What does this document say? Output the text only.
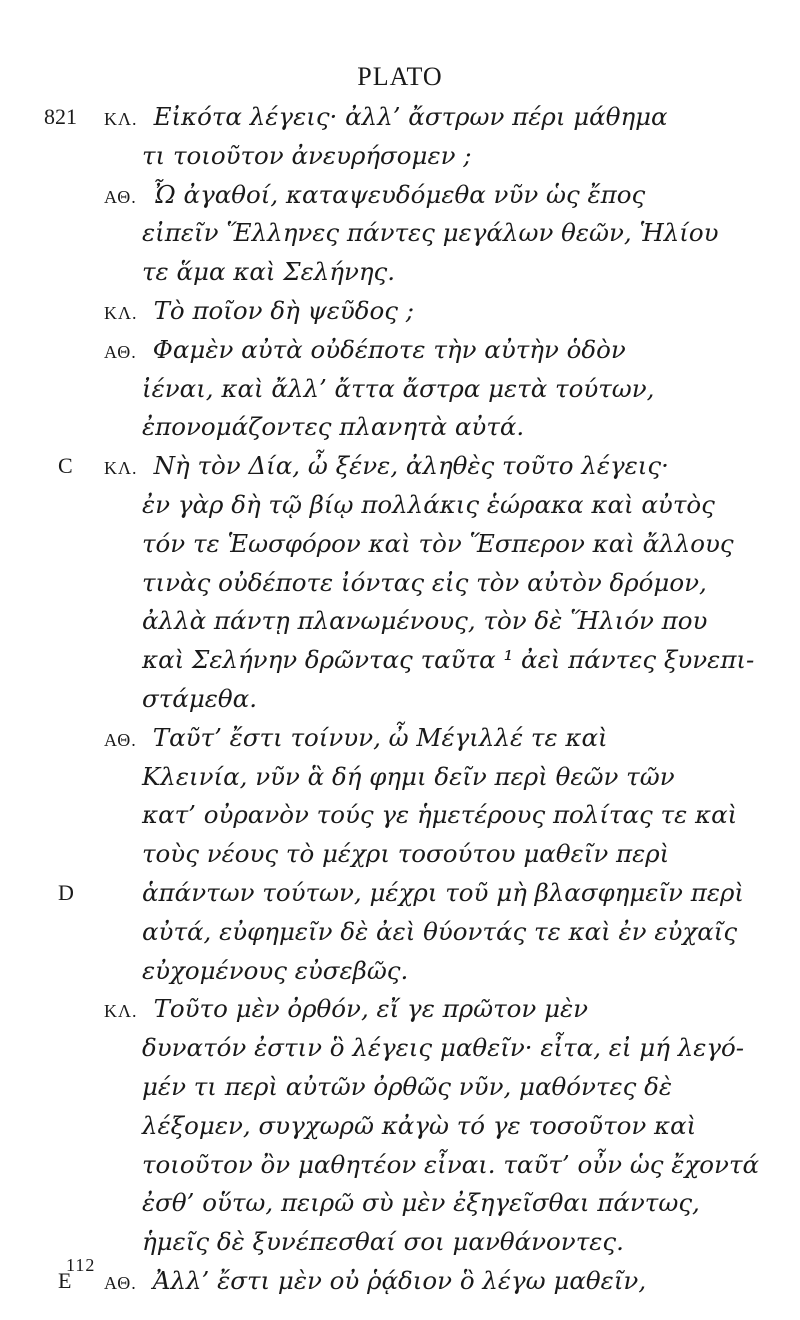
PLATO
821 ΚΛ. Εἰκότα λέγεις· ἀλλ’ ἄστρων πέρι μάθημα
τι τοιοῦτον ἀνευρήσομεν ;
ΑΘ. Ὦ ἀγαθοί, καταψευδόμεθα νῦν ὡς ἔπος
εἰπεῖν Ἕλληνες πάντες μεγάλων θεῶν, Ἡλίου
τε ἅμα καὶ Σελήνης.
ΚΛ. Τὸ ποῖον δὴ ψεῦδος ;
ΑΘ. Φαμὲν αὐτὰ οὐδέποτε τὴν αὐτὴν ὁδὸν
ἰέναι, καὶ ἄλλ’ ἄττα ἄστρα μετὰ τούτων,
ἐπονομάζοντες πλανητὰ αὐτά.
C ΚΛ. Νὴ τὸν Δία, ὦ ξένε, ἀληθὲς τοῦτο λέγεις·
ἐν γὰρ δὴ τῷ βίῳ πολλάκις ἑώρακα καὶ αὐτὸς
τόν τε Ἑωσφόρον καὶ τὸν Ἕσπερον καὶ ἄλλους
τινὰς οὐδέποτε ἰόντας εἰς τὸν αὐτὸν δρόμον,
ἀλλὰ πάντῃ πλανωμένους, τὸν δὲ Ἥλιόν που
καὶ Σελήνην δρῶντας ταῦτα ¹ ἀεὶ πάντες ξυνεπι-
στάμεθα.
ΑΘ. Ταῦτ’ ἔστι τοίνυν, ὦ Μέγιλλέ τε καὶ
Κλεινία, νῦν ἃ δή φημι δεῖν περὶ θεῶν τῶν
κατ’ οὐρανὸν τούς γε ἡμετέρους πολίτας τε καὶ
τοὺς νέους τὸ μέχρι τοσούτου μαθεῖν περὶ
D	ἁπάντων τούτων, μέχρι τοῦ μὴ βλασφημεῖν περὶ
αὐτά, εὐφημεῖν δὲ ἀεὶ θύοντάς τε καὶ ἐν εὐχαῖς
εὐχομένους εὐσεβῶς.
ΚΛ. Τοῦτο μὲν ὀρθόν, εἴ γε πρῶτον μὲν
δυνατόν ἐστιν ὃ λέγεις μαθεῖν· εἶτα, εἰ μή λεγό-
μέν τι περὶ αὐτῶν ὀρθῶς νῦν, μαθόντες δὲ
λέξομεν, συγχωρῶ κἀγὼ τό γε τοσοῦτον καὶ
τοιοῦτον ὂν μαθητέον εἶναι. ταῦτ’ οὖν ὡς ἔχοντά
ἐσθ’ οὕτω, πειρῶ σὺ μὲν ἐξηγεῖσθαι πάντως,
ἡμεῖς δὲ ξυνέπεσθαί σοι μανθάνοντες.
E ΑΘ. Ἀλλ’ ἔστι μὲν οὐ ῥᾴδιον ὃ λέγω μαθεῖν,
112
